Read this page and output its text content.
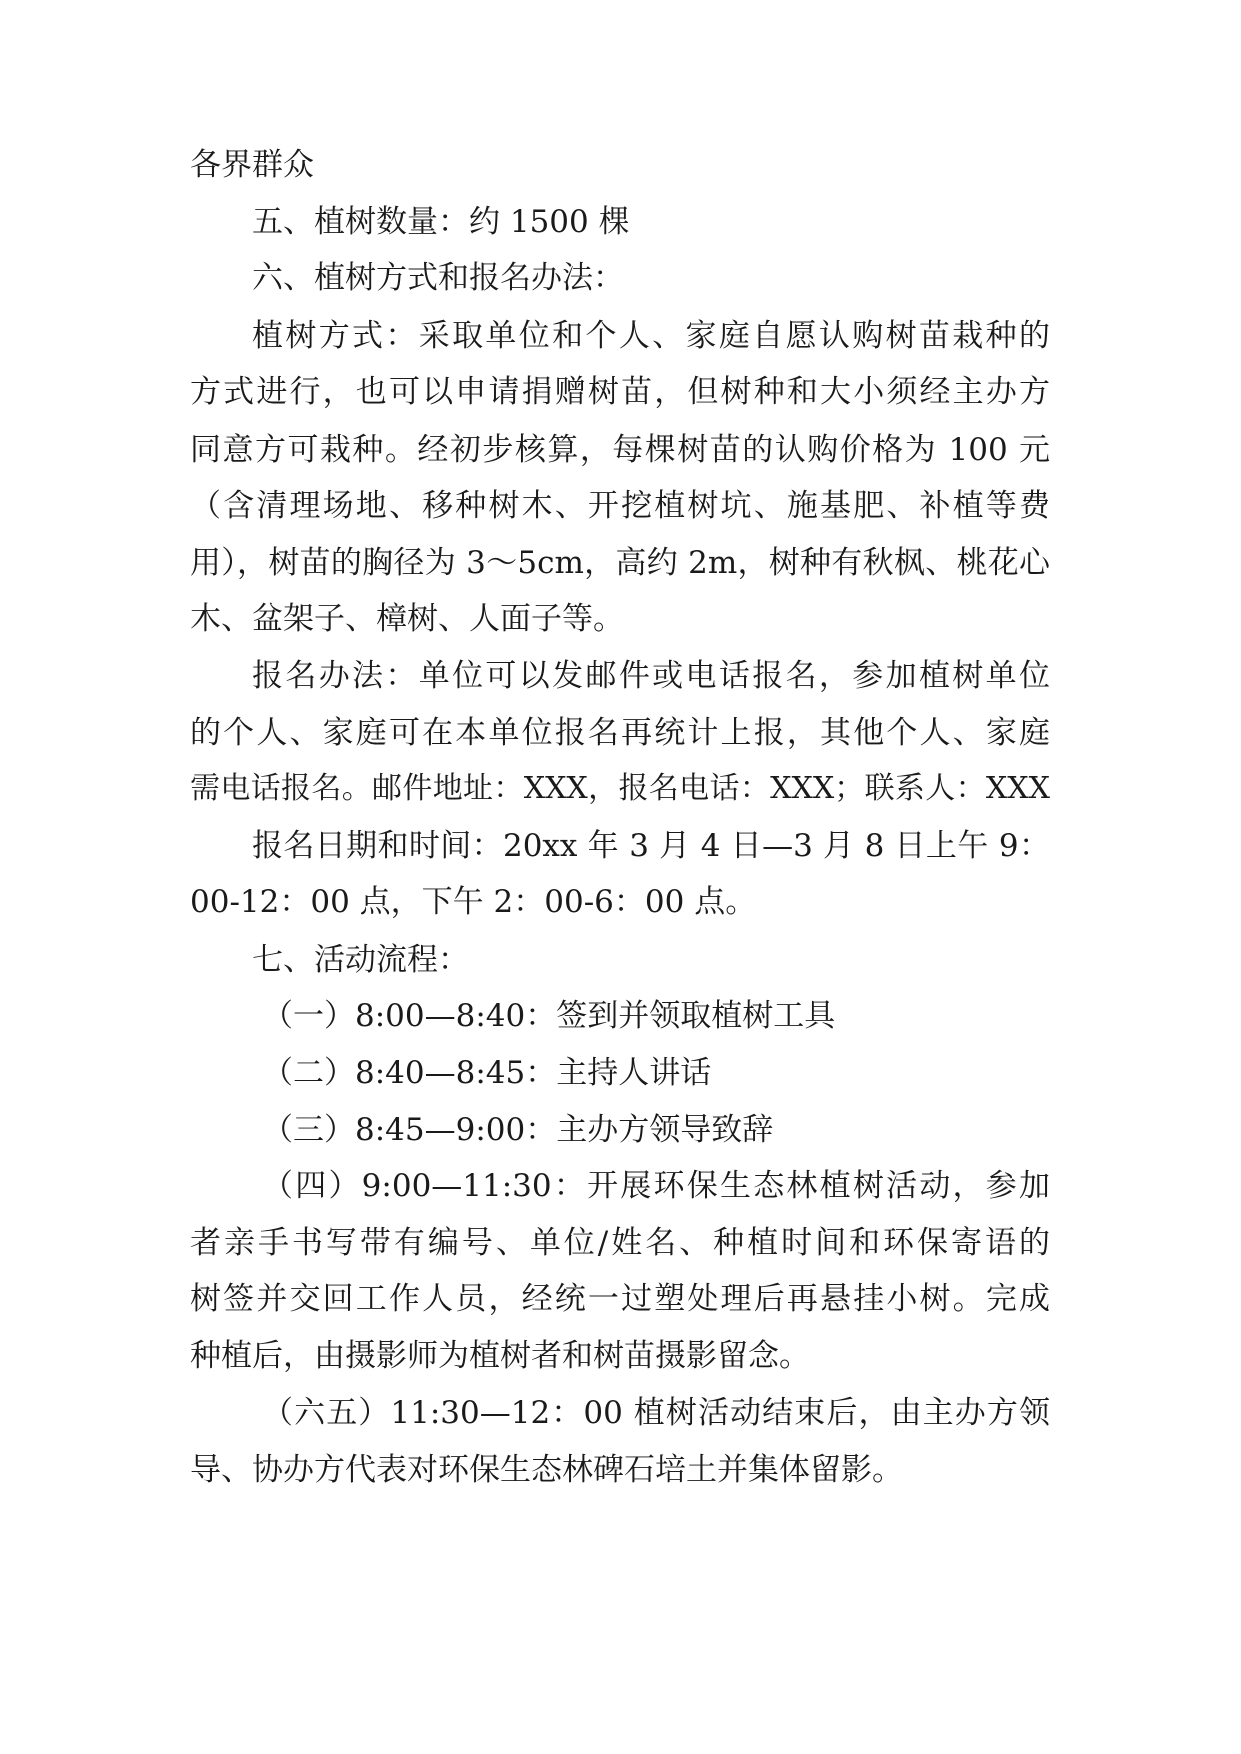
各界群众
五、植树数量：约 1500 棵
六、植树方式和报名办法：
植树方式：采取单位和个人、家庭自愿认购树苗栽种的
方式进行，也可以申请捐赠树苗，但树种和大小须经主办方
同意方可栽种。经初步核算，每棵树苗的认购价格为 100 元
（含清理场地、移种树木、开挖植树坑、施基肥、补植等费
用），树苗的胸径为 3～5cm，高约 2m，树种有秋枫、桃花心
木、盆架子、樟树、人面子等。
报名办法：单位可以发邮件或电话报名，参加植树单位
的个人、家庭可在本单位报名再统计上报，其他个人、家庭
需电话报名。邮件地址：XXX，报名电话：XXX；联系人：XXX
报名日期和时间：20xx 年 3 月 4 日—3 月 8 日上午 9：
00-12：00 点，下午 2：00-6：00 点。
七、活动流程：
（一）8:00—8:40：签到并领取植树工具
（二）8:40—8:45：主持人讲话
（三）8:45—9:00：主办方领导致辞
（四）9:00—11:30：开展环保生态林植树活动，参加
者亲手书写带有编号、单位/姓名、种植时间和环保寄语的
树签并交回工作人员，经统一过塑处理后再悬挂小树。完成
种植后，由摄影师为植树者和树苗摄影留念。
（六五）11:30—12：00 植树活动结束后，由主办方领
导、协办方代表对环保生态林碑石培土并集体留影。
